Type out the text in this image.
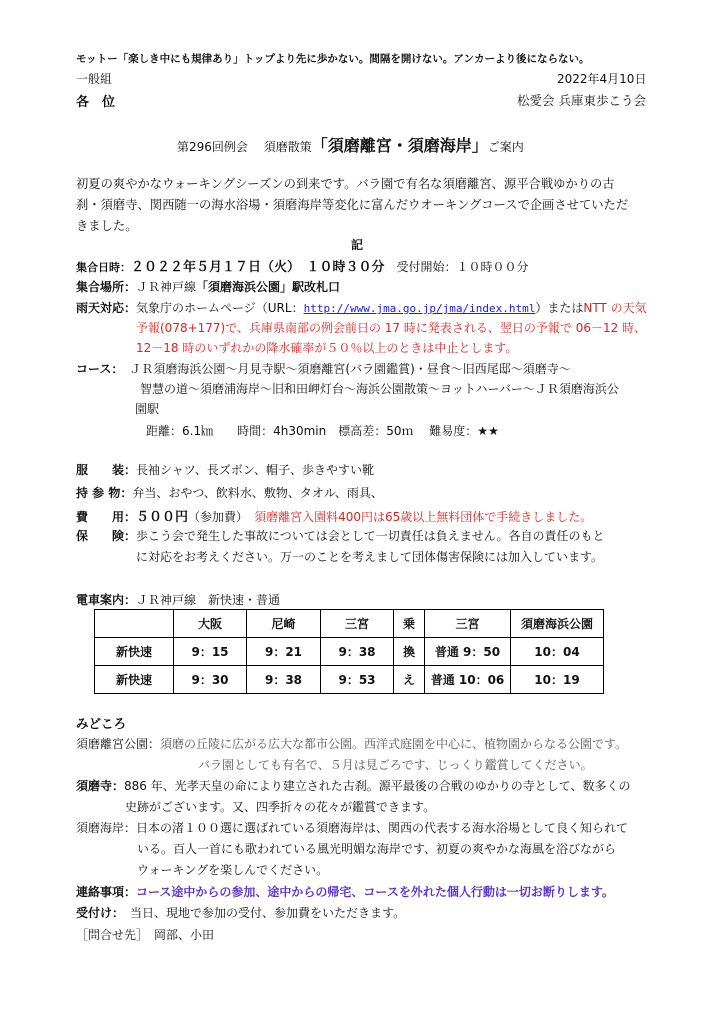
モットー「楽しき中にも規律あり」トップより先に歩かない。間隔を開けない。アンカーより後にならない。
一般組	2022年4月10日
各　位	松愛会 兵庫東歩こう会
第296回例会　 須磨散策「須磨離宮・須磨海岸」ご案内
初夏の爽やかなウォーキングシーズンの到来です。バラ園で有名な須磨離宮、源平合戦ゆかりの古
刹・須磨寺、関西随一の海水浴場・須磨海岸等変化に富んだウオーキングコースで企画させていただ
きました。
記
集合日時：２０２２年５月１７日（火）　１０時３０分　 受付開始：１０時００分
集合場所：ＪＲ神戸線「須磨海浜公園」駅改札口
雨天対応：気象庁のホームページ（URL：http://www.jma.go.jp/jma/index.html）またはNTT の天気
予報(078+177)で、兵庫県南部の例会前日の 17 時に発表される、翌日の予報で 06－12 時、
12－18 時のいずれかの降水確率が５０％以上のときは中止とします。
コース：　 ＪＲ須磨海浜公園～月見寺駅～須磨離宮(バラ園鑑賞)・昼食～旧西尾邸～須磨寺～
智慧の道～須磨浦海岸～旧和田岬灯台～海浜公園散策～ヨットハーバー～ＪＲ須磨海浜公
園駅
距離：6.1㎞　　時間：4h30min　標高差：50ｍ　 難易度：★★
服　　装：長袖シャツ、長ズボン、帽子、歩きやすい靴
持 参 物：弁当、おやつ、飲料水、敷物、タオル、雨具、
費　　用：５００円（参加費）　 須磨離宮入園料400円は65歳以上無料団体で手続きしました。
保　　険：歩こう会で発生した事故については会として一切責任は負えません。各自の責任のもと
に対応をお考えください。万一のことを考えまして団体傷害保険には加入しています。
電車案内：ＪＲ神戸線　新快速・普通
	大阪	尼崎	三宮	乗	三宮	須磨海浜公園
新快速	9：15	9：21	9：38	換	普通 9：50	10：04
新快速	9：30	9：38	9：53	え	普通 10：06	10：19
みどころ
須磨離宮公園：須磨の丘陵に広がる広大な都市公園。西洋式庭園を中心に、植物園からなる公園です。
バラ園としても有名で、５月は見ごろです、じっくり鑑賞してください。
須磨寺：886 年、光孝天皇の命により建立された古刹。源平最後の合戦のゆかりの寺として、数多くの
史跡がございます。又、四季折々の花々が鑑賞できます。
須磨海岸：日本の渚１００選に選ばれている須磨海岸は、関西の代表する海水浴場として良く知られて
いる。百人一首にも歌われている風光明媚な海岸です、初夏の爽やかな海風を浴びながら
ウォーキングを楽しんでください。
連絡事項：コース途中からの参加、途中からの帰宅、コースを外れた個人行動は一切お断りします。
受付け：　 当日、現地で参加の受付、参加費をいただきます。
［問合せ先］　 岡部、小田
